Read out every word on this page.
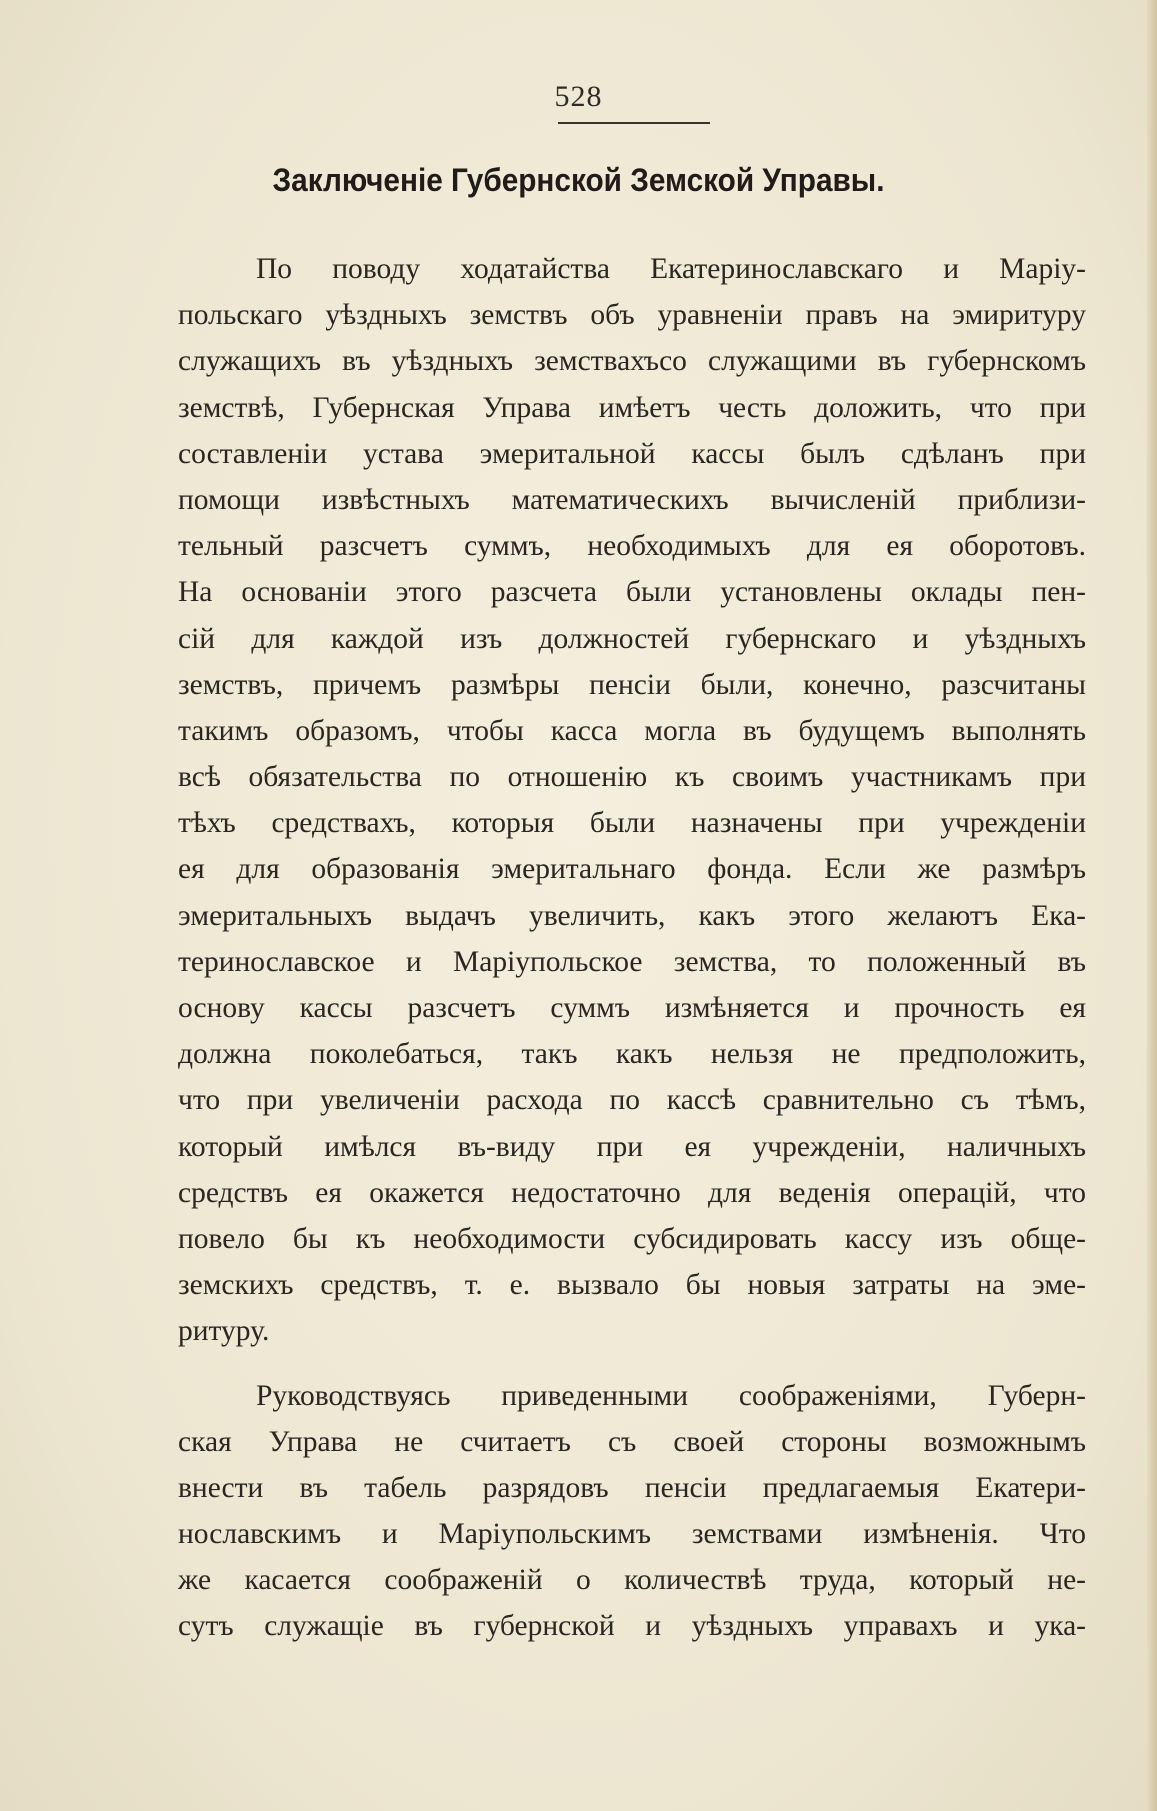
528
Заключеніе Губернской Земской Управы.
По поводу ходатайства Екатеринославскаго и Маріу-
польскаго уѣздныхъ земствъ объ уравненіи правъ на эмиритуру
служащихъ въ уѣздныхъ земствахъсо служащими въ губернскомъ
земствѣ, Губернская Управа имѣетъ честь доложить, что при
составленіи устава эмеритальной кассы былъ сдѣланъ при
помощи извѣстныхъ математическихъ вычисленій приблизи-
тельный разсчетъ суммъ, необходимыхъ для ея оборотовъ.
На основаніи этого разсчета были установлены оклады пен-
сій для каждой изъ должностей губернскаго и уѣздныхъ
земствъ, причемъ размѣры пенсіи были, конечно, разсчитаны
такимъ образомъ, чтобы касса могла въ будущемъ выполнять
всѣ обязательства по отношенію къ своимъ участникамъ при
тѣхъ средствахъ, которыя были назначены при учрежденіи
ея для образованія эмеритальнаго фонда. Если же размѣръ
эмеритальныхъ выдачъ увеличить, какъ этого желаютъ Ека-
теринославское и Маріупольское земства, то положенный въ
основу кассы разсчетъ суммъ измѣняется и прочность ея
должна поколебаться, такъ какъ нельзя не предположить,
что при увеличеніи расхода по кассѣ сравнительно съ тѣмъ,
который имѣлся въ-виду при ея учрежденіи, наличныхъ
средствъ ея окажется недостаточно для веденія операцій, что
повело бы къ необходимости субсидировать кассу изъ обще-
земскихъ средствъ, т. е. вызвало бы новыя затраты на эме-
ритуру.
Руководствуясь приведенными соображеніями, Губерн-
ская Управа не считаетъ съ своей стороны возможнымъ
внести въ табель разрядовъ пенсіи предлагаемыя Екатери-
нославскимъ и Маріупольскимъ земствами измѣненія. Что
же касается соображеній о количествѣ труда, который не-
сутъ служащіе въ губернской и уѣздныхъ управахъ и ука-
